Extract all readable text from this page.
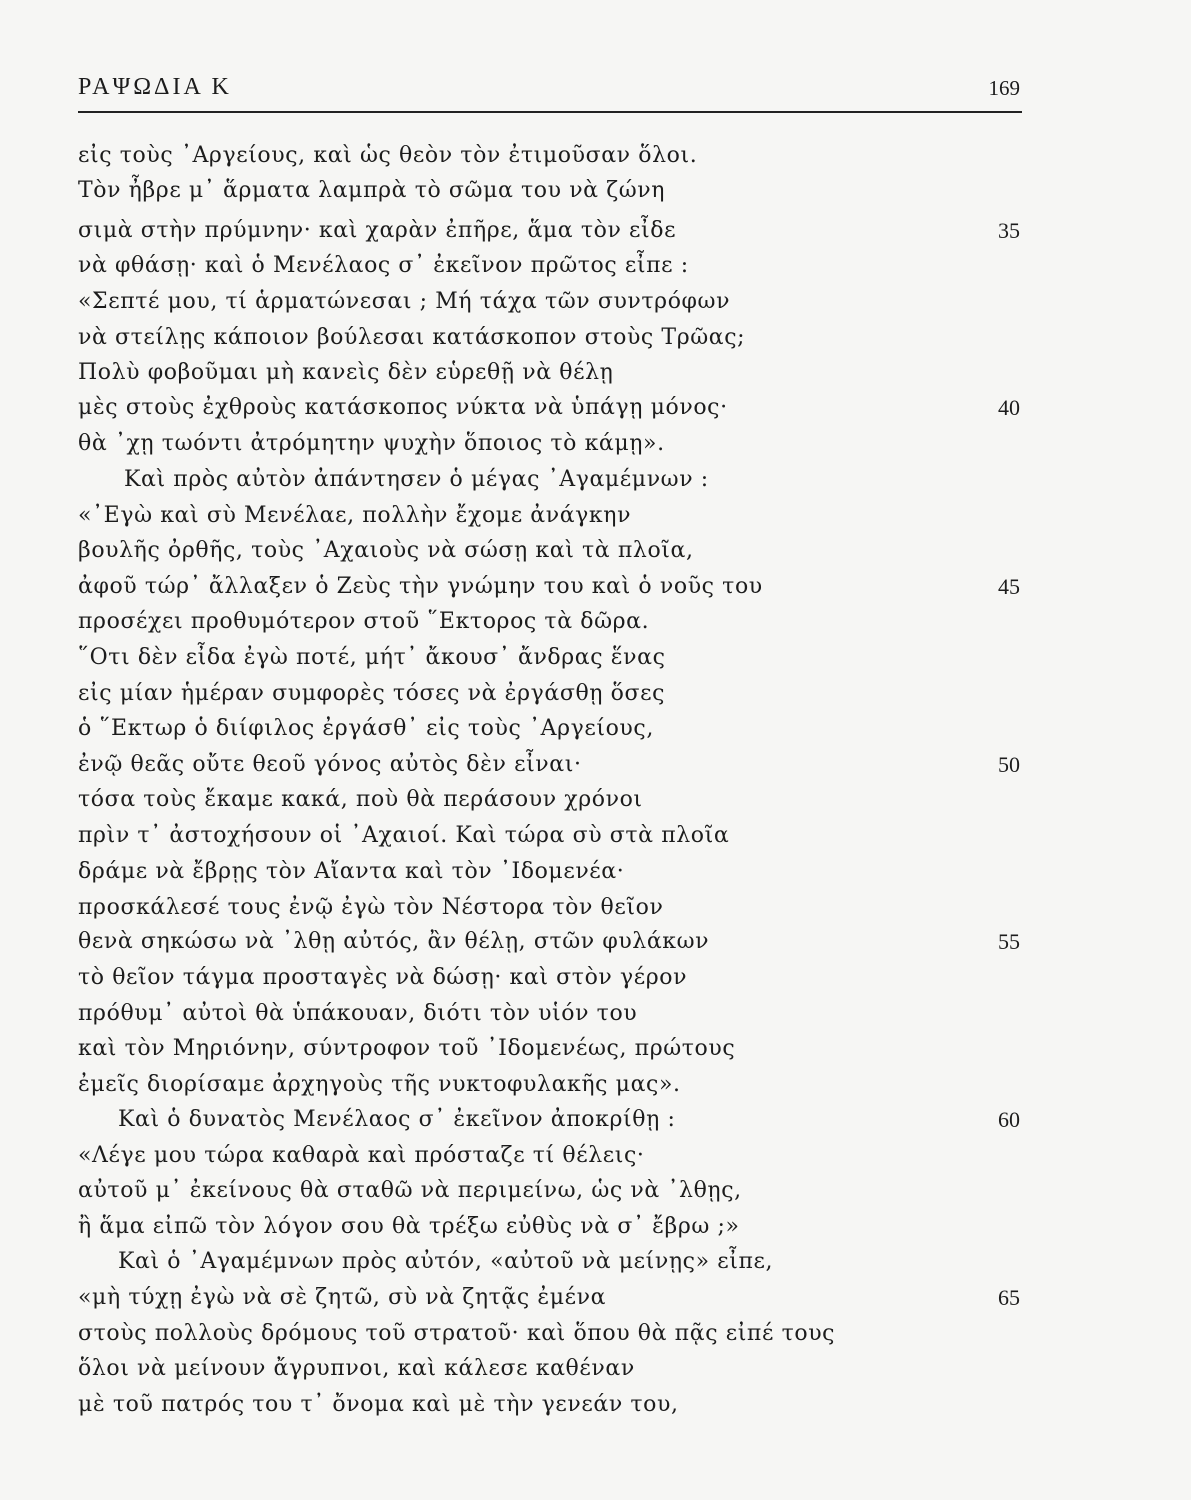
ΡΑΨΩΔΙΑ Κ	169
εἰς τοὺς ᾿Αργείους, καὶ ὡς θεὸν τὸν ἐτιμοῦσαν ὅλοι.
Τὸν ἦβρε μ᾿ ἅρματα λαμπρὰ τὸ σῶμα του νὰ ζώνη
σιμὰ στὴν πρύμνην· καὶ χαρὰν ἐπῆρε, ἅμα τὸν εἶδε	35
νὰ φθάσῃ· καὶ ὁ Μενέλαος σ᾿ ἐκεῖνον πρῶτος εἶπε :
«Σεπτέ μου, τί ἁρματώνεσαι ; Μή τάχα τῶν συντρόφων
νὰ στείλῃς κάποιον βούλεσαι κατάσκοπον στοὺς Τρῶας;
Πολὺ φοβοῦμαι μὴ κανεὶς δὲν εὑρεθῇ νὰ θέλῃ
μὲς στοὺς ἐχθροὺς κατάσκοπος νύκτα νὰ ὑπάγῃ μόνος·	40
θὰ ᾿χῃ τωόντι ἀτρόμητην ψυχὴν ὅποιος τὸ κάμῃ».
Καὶ πρὸς αὐτὸν ἀπάντησεν ὁ μέγας ᾿Αγαμέμνων :
«᾿Εγὼ καὶ σὺ Μενέλαε, πολλὴν ἔχομε ἀνάγκην
βουλῆς ὀρθῆς, τοὺς ᾿Αχαιοὺς νὰ σώσῃ καὶ τὰ πλοῖα,
ἀφοῦ τώρ᾿ ἄλλαξεν ὁ Ζεὺς τὴν γνώμην του καὶ ὁ νοῦς του	45
προσέχει προθυμότερον στοῦ ῞Εκτορος τὰ δῶρα.
῞Οτι δὲν εἶδα ἐγὼ ποτέ, μήτ᾿ ἄκουσ᾿ ἄνδρας ἕνας
εἰς μίαν ἡμέραν συμφορὲς τόσες νὰ ἐργάσθῃ ὅσες
ὁ ῞Εκτωρ ὁ διίφιλος ἐργάσθ᾿ εἰς τοὺς ᾿Αργείους,
ἐνῷ θεᾶς οὔτε θεοῦ γόνος αὐτὸς δὲν εἶναι·	50
τόσα τοὺς ἔκαμε κακά, ποὺ θὰ περάσουν χρόνοι
πρὶν τ᾿ ἀστοχήσουν οἱ ᾿Αχαιοί. Καὶ τώρα σὺ στὰ πλοῖα
δράμε νὰ ἔβρῃς τὸν Αἴαντα καὶ τὸν ᾿Ιδομενέα·
προσκάλεσέ τους ἐνῷ ἐγὼ τὸν Νέστορα τὸν θεῖον
θενὰ σηκώσω νὰ ᾿λθῃ αὐτός, ἂν θέλῃ, στῶν φυλάκων	55
τὸ θεῖον τάγμα προσταγὲς νὰ δώσῃ· καὶ στὸν γέρον
πρόθυμ᾿ αὐτοὶ θὰ ὑπάκουαν, διότι τὸν υἱόν του
καὶ τὸν Μηριόνην, σύντροφον τοῦ ᾿Ιδομενέως, πρώτους
ἐμεῖς διορίσαμε ἀρχηγοὺς τῆς νυκτοφυλακῆς μας».
Καὶ ὁ δυνατὸς Μενέλαος σ᾿ ἐκεῖνον ἀποκρίθῃ :	60
«Λέγε μου τώρα καθαρὰ καὶ πρόσταζε τί θέλεις·
αὐτοῦ μ᾿ ἐκείνους θὰ σταθῶ νὰ περιμείνω, ὡς νὰ ᾿λθῃς,
ἢ ἅμα εἰπῶ τὸν λόγον σου θὰ τρέξω εὐθὺς νὰ σ᾿ ἔβρω ;»
Καὶ ὁ ᾿Αγαμέμνων πρὸς αὐτόν, «αὐτοῦ νὰ μείνῃς» εἶπε,
«μὴ τύχῃ ἐγὼ νὰ σὲ ζητῶ, σὺ νὰ ζητᾷς ἐμένα	65
στοὺς πολλοὺς δρόμους τοῦ στρατοῦ· καὶ ὅπου θὰ πᾷς εἰπέ τους
ὅλοι νὰ μείνουν ἄγρυπνοι, καὶ κάλεσε καθέναν
μὲ τοῦ πατρός του τ᾿ ὄνομα καὶ μὲ τὴν γενεάν του,
